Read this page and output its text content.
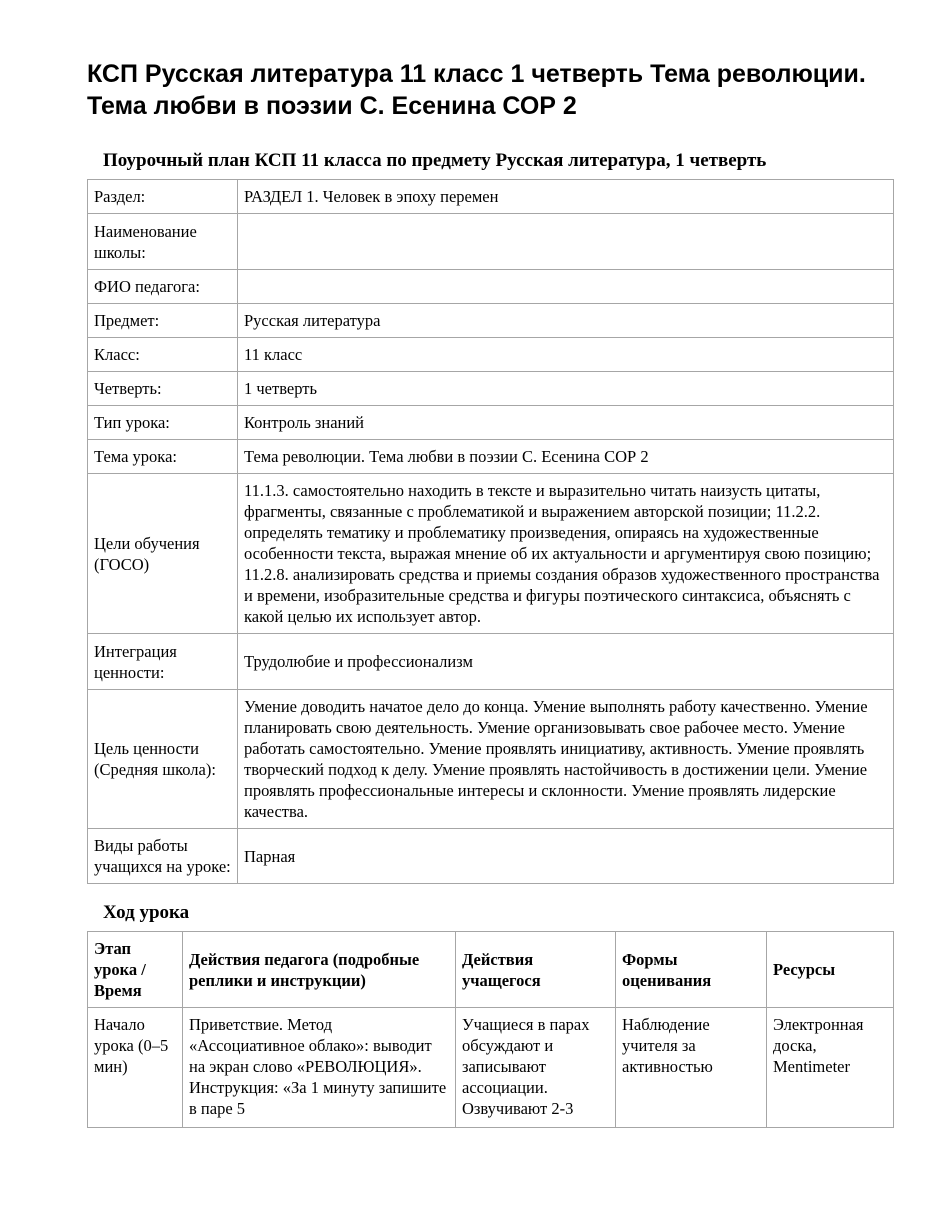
КСП Русская литература 11 класс 1 четверть Тема революции. Тема любви в поэзии С. Есенина СОР 2
Поурочный план КСП 11 класса по предмету Русская литература, 1 четверть
Раздел:	РАЗДЕЛ 1. Человек в эпоху перемен
Наименование школы:	
ФИО педагога:	
Предмет:	Русская литература
Класс:	11 класс
Четверть:	1 четверть
Тип урока:	Контроль знаний
Тема урока:	Тема революции. Тема любви в поэзии С. Есенина СОР 2
Цели обучения (ГОСО)	11.1.3. самостоятельно находить в тексте и выразительно читать наизусть цитаты, фрагменты, связанные с проблематикой и выражением авторской позиции; 11.2.2. определять тематику и проблематику произведения, опираясь на художественные особенности текста, выражая мнение об их актуальности и аргументируя свою позицию; 11.2.8. анализировать средства и приемы создания образов художественного пространства и времени, изобразительные средства и фигуры поэтического синтаксиса, объяснять с какой целью их использует автор.
Интеграция ценности:	Трудолюбие и профессионализм
Цель ценности (Средняя школа):	Умение доводить начатое дело до конца. Умение выполнять работу качественно. Умение планировать свою деятельность. Умение организовывать свое рабочее место. Умение работать самостоятельно. Умение проявлять инициативу, активность. Умение проявлять творческий подход к делу. Умение проявлять настойчивость в достижении цели. Умение проявлять профессиональные интересы и склонности. Умение проявлять лидерские качества.
Виды работы учащихся на уроке:	Парная
Ход урока
Этап урока / Время	Действия педагога (подробные реплики и инструкции)	Действия учащегося	Формы оценивания	Ресурсы
Начало урока (0–5 мин)	Приветствие. Метод «Ассоциативное облако»: выводит на экран слово «РЕВОЛЮЦИЯ». Инструкция: «За 1 минуту запишите в паре 5	Учащиеся в парах обсуждают и записывают ассоциации. Озвучивают 2-3	Наблюдение учителя за активностью	Электронная доска, Mentimeter
